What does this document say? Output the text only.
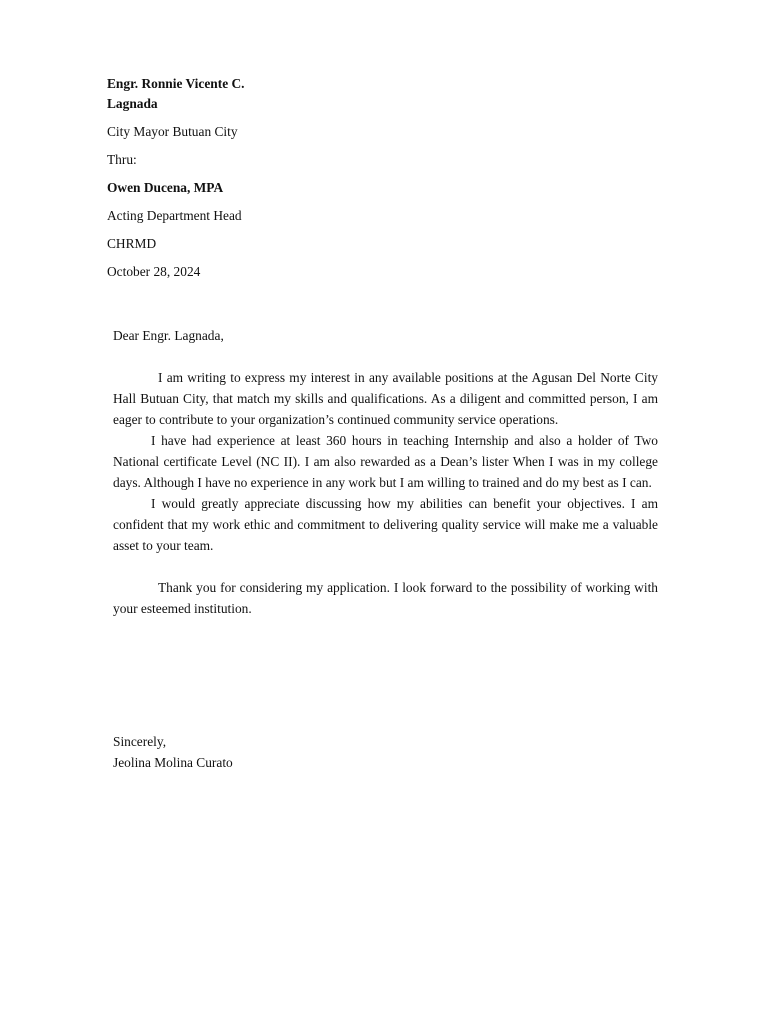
Engr. Ronnie Vicente C.
Lagnada
City Mayor Butuan City
Thru:
Owen Ducena, MPA
Acting Department Head
CHRMD
October 28, 2024

Dear Engr. Lagnada,

I am writing to express my interest in any available positions at the Agusan Del Norte City Hall Butuan City, that match my skills and qualifications. As a diligent and committed person, I am eager to contribute to your organization’s continued community service operations.

I have had experience at least 360 hours in teaching Internship and also a holder of Two National certificate Level (NC II). I am also rewarded as a Dean’s lister When I was in my college days. Although I have no experience in any work but I am willing to trained and do my best as I can.

I would greatly appreciate discussing how my abilities can benefit your objectives. I am confident that my work ethic and commitment to delivering quality service will make me a valuable asset to your team.

Thank you for considering my application. I look forward to the possibility of working with your esteemed institution.

Sincerely,
Jeolina Molina Curato
